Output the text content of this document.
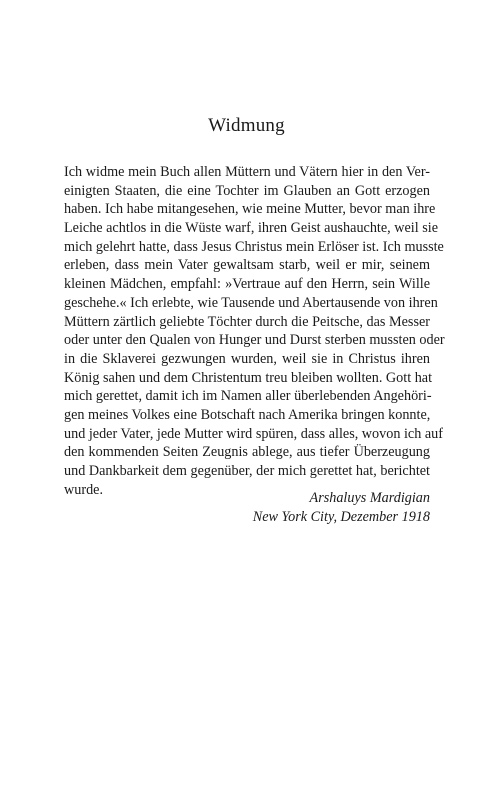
Widmung
Ich widme mein Buch allen Müttern und Vätern hier in den Ver-
einigten Staaten, die eine Tochter im Glauben an Gott erzogen
haben. Ich habe mitangesehen, wie meine Mutter, bevor man ihre
Leiche achtlos in die Wüste warf, ihren Geist aushauchte, weil sie
mich gelehrt hatte, dass Jesus Christus mein Erlöser ist. Ich musste
erleben, dass mein Vater gewaltsam starb, weil er mir, seinem
kleinen Mädchen, empfahl: »Vertraue auf den Herrn, sein Wille
geschehe.« Ich erlebte, wie Tausende und Abertausende von ihren
Müttern zärtlich geliebte Töchter durch die Peitsche, das Messer
oder unter den Qualen von Hunger und Durst sterben mussten oder
in die Sklaverei gezwungen wurden, weil sie in Christus ihren
König sahen und dem Christentum treu bleiben wollten. Gott hat
mich gerettet, damit ich im Namen aller überlebenden Angehöri-
gen meines Volkes eine Botschaft nach Amerika bringen konnte,
und jeder Vater, jede Mutter wird spüren, dass alles, wovon ich auf
den kommenden Seiten Zeugnis ablege, aus tiefer Überzeugung
und Dankbarkeit dem gegenüber, der mich gerettet hat, berichtet
wurde.
Arshaluys Mardigian
New York City, Dezember 1918
